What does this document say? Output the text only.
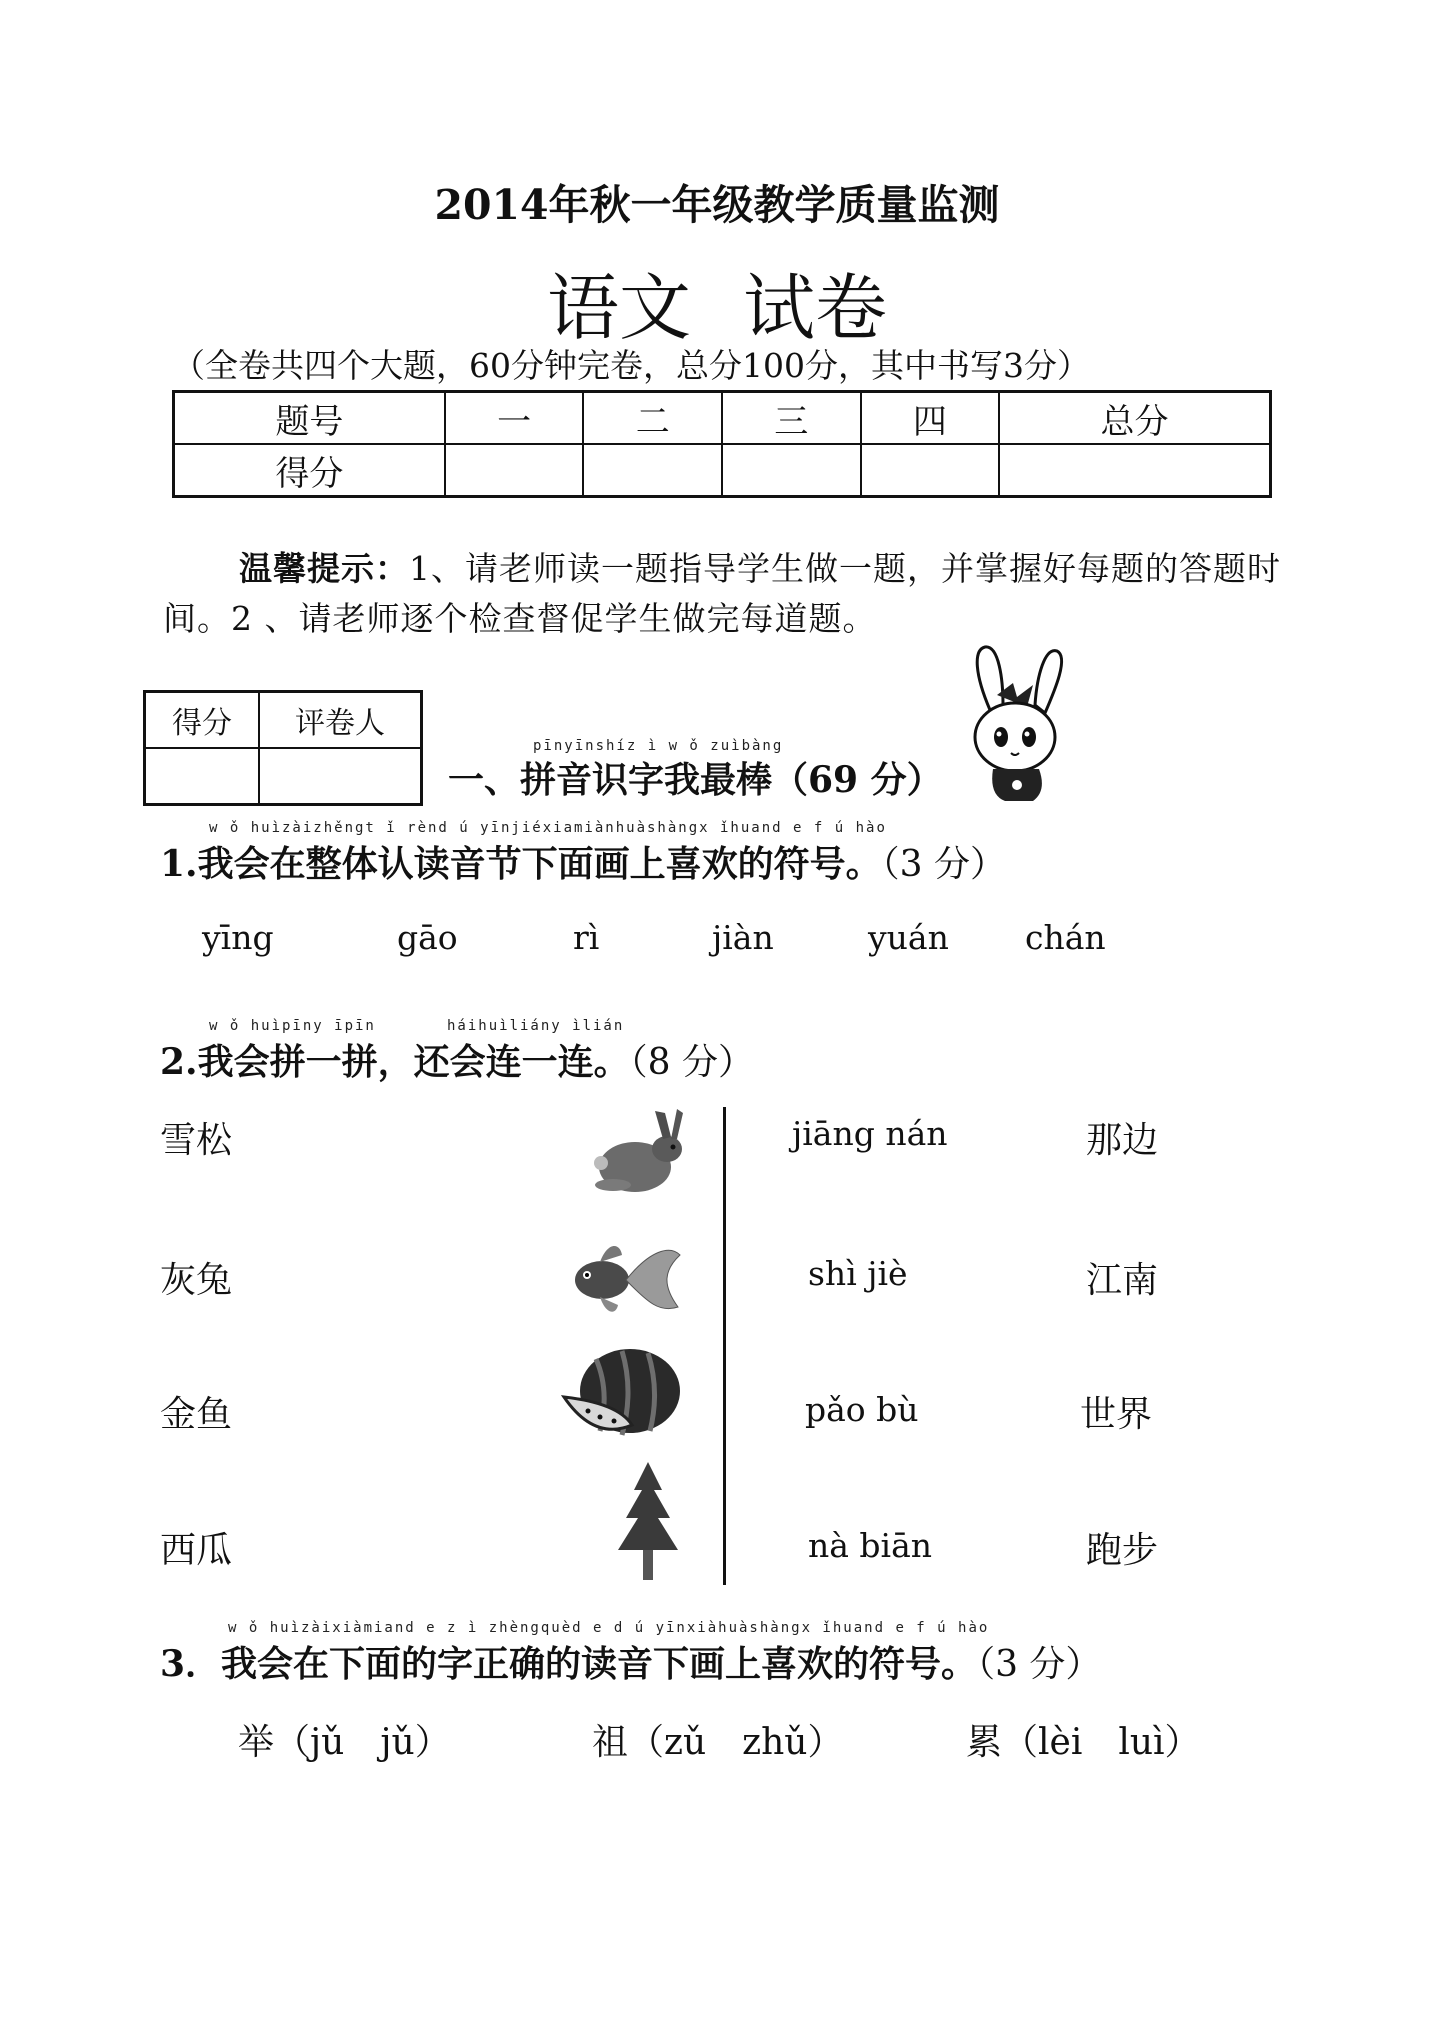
2014年秋一年级教学质量监测
语文 试卷
（全卷共四个大题，60分钟完卷，总分100分，其中书写3分）
题号	一	二	三	四	总分
得分					
温馨提示：1、请老师读一题指导学生做一题，并掌握好每题的答题时间。2 、请老师逐个检查督促学生做完每道题。
得分	评卷人

pīnyīnshíz ì w ǒ zuìbàng
一、拼音识字我最棒（69 分）
w ǒ huìzàizhěngt ǐ rènd ú yīnjiéxiamiànhuàshàngx ǐhuand e f ú hào
1.我会在整体认读音节下面画上喜欢的符号。（3 分）
yīng	gāo	rì	jiàn	yuán chán
w ǒ huìpīny īpīn	háihuìliány ìlián
2.我会拼一拼，还会连一连。（8 分）
雪松
灰兔
金鱼
西瓜
jiāng nán
shì jiè
pǎo bù
nà biān
那边
江南
世界
跑步
w ǒ huìzàixiàmiand e z ì zhèngquèd e d ú yīnxiàhuàshàngx ǐhuand e f ú hào
3．我会在下面的字正确的读音下画上喜欢的符号。（3 分）
举（jǔ　jǔ）	祖（zǔ　zhǔ）	累（lèi　luì）
